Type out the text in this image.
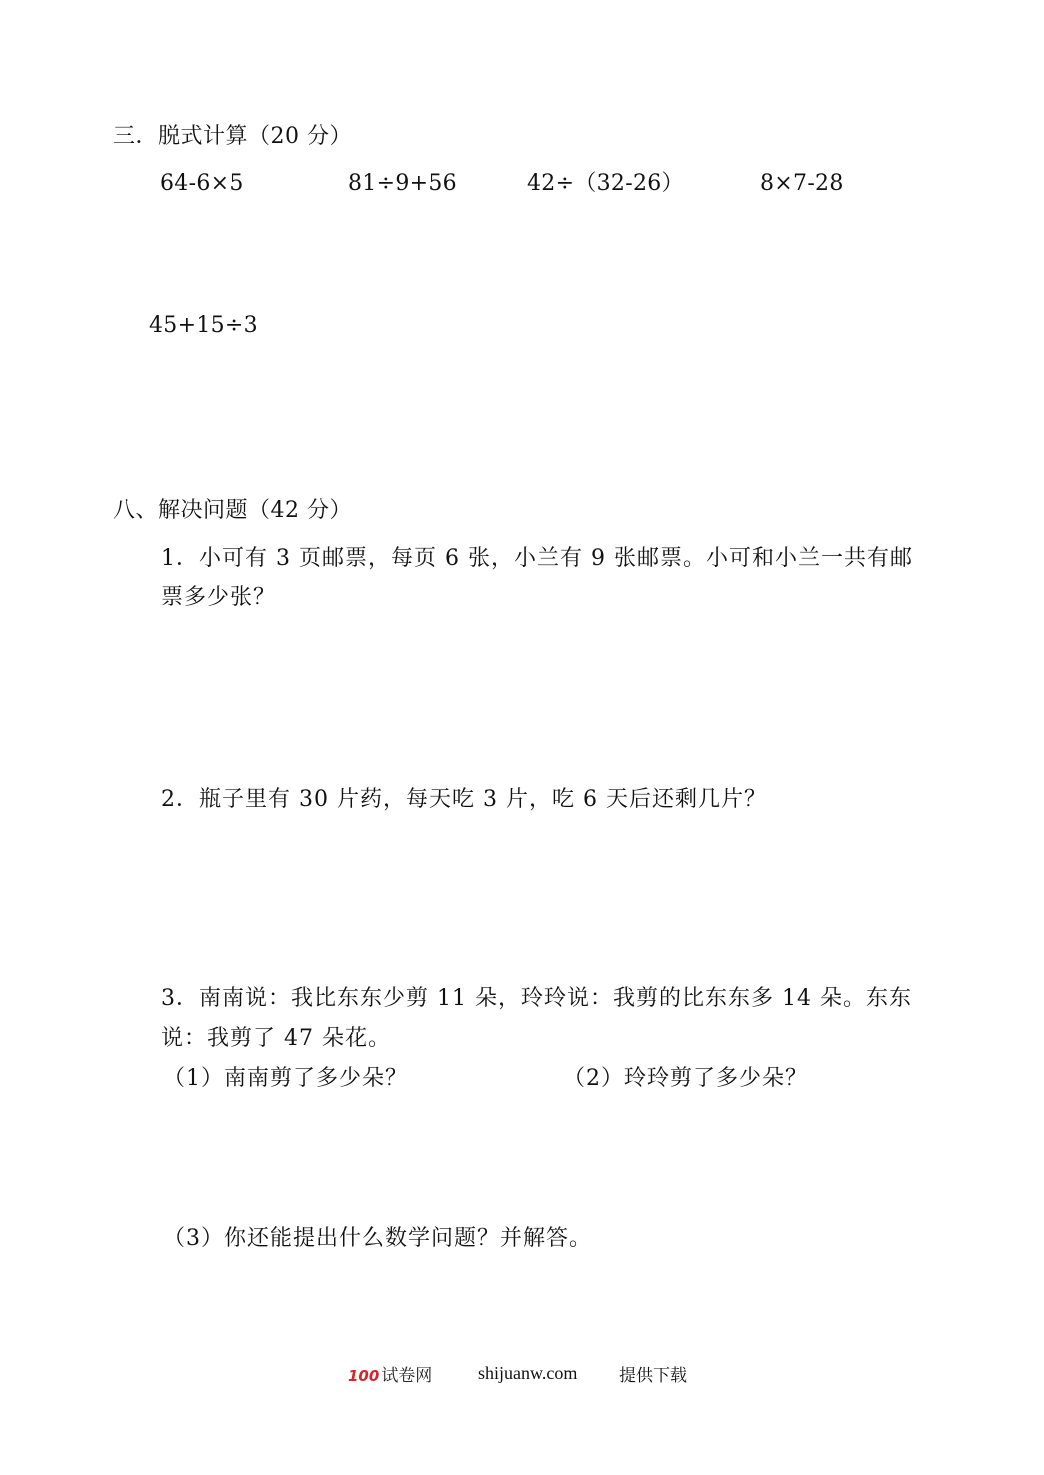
三．脱式计算（20 分）
64-6×5	81÷9+56	42÷（32-26）	8×7-28
45+15÷3
八、解决问题（42 分）
1．小可有 3 页邮票，每页 6 张，小兰有 9 张邮票。小可和小兰一共有邮
票多少张？
2．瓶子里有 30 片药，每天吃 3 片，吃 6 天后还剩几片？
3．南南说：我比东东少剪 11 朵，玲玲说：我剪的比东东多 14 朵。东东
说：我剪了 47 朵花。
（1）南南剪了多少朵？	（2）玲玲剪了多少朵？
（3）你还能提出什么数学问题？并解答。
100 试卷网	shijuanw.com 提供下载
